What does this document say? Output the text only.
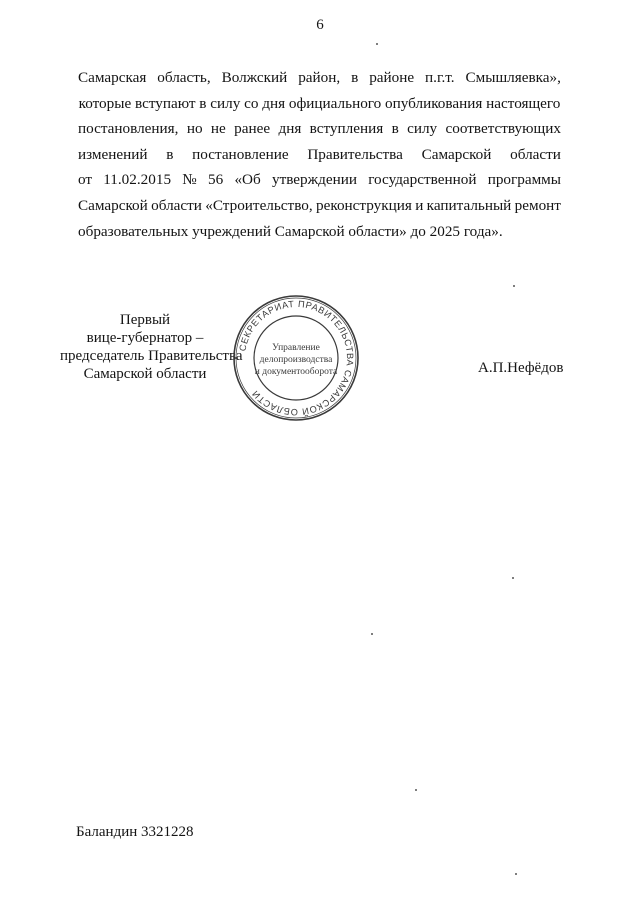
6
Самарская область, Волжский район, в районе п.г.т. Смышляевка»,
которые вступают в силу со дня официального опубликования настоящего
постановления, но не ранее дня вступления в силу соответствующих
изменений в постановление Правительства Самарской области
от 11.02.2015 № 56 «Об утверждении государственной программы
Самарской области «Строительство, реконструкция и капитальный ремонт
образовательных учреждений Самарской области» до 2025 года».
Первый
вице-губернатор –
председатель Правительства
Самарской области
СЕКРЕТАРИАТ ПРАВИТЕЛЬСТВА САМАРСКОЙ ОБЛАСТИ
Управление
делопроизводства
и документооборота	А.П.Нефёдов
Баландин 3321228
